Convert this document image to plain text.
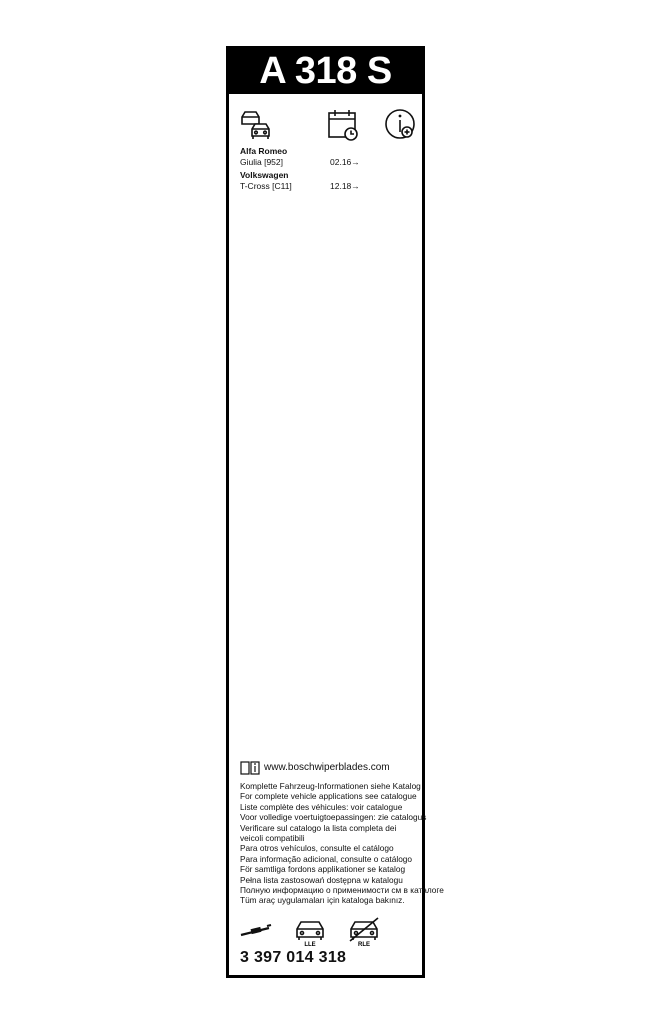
A 318 S
Alfa Romeo
Giulia [952]	02.16→
Volkswagen
T-Cross [C11]	12.18→
www.boschwiperblades.com
Komplette Fahrzeug-Informationen siehe Katalog
For complete vehicle applications see catalogue
Liste complète des véhicules: voir catalogue
Voor volledige voertuigtoepassingen: zie catalogus
Verificare sul catalogo la lista completa dei veicoli compatibili
Para otros vehículos, consulte el catálogo
Para informação adicional, consulte o catálogo
För samtliga fordons applikationer se katalog
Pełna lista zastosowań dostępna w katalogu
Полную информацию о применимости см в каталоге
Tüm araç uygulamaları için kataloga bakınız.
LLE	RLE
3 397 014 318
